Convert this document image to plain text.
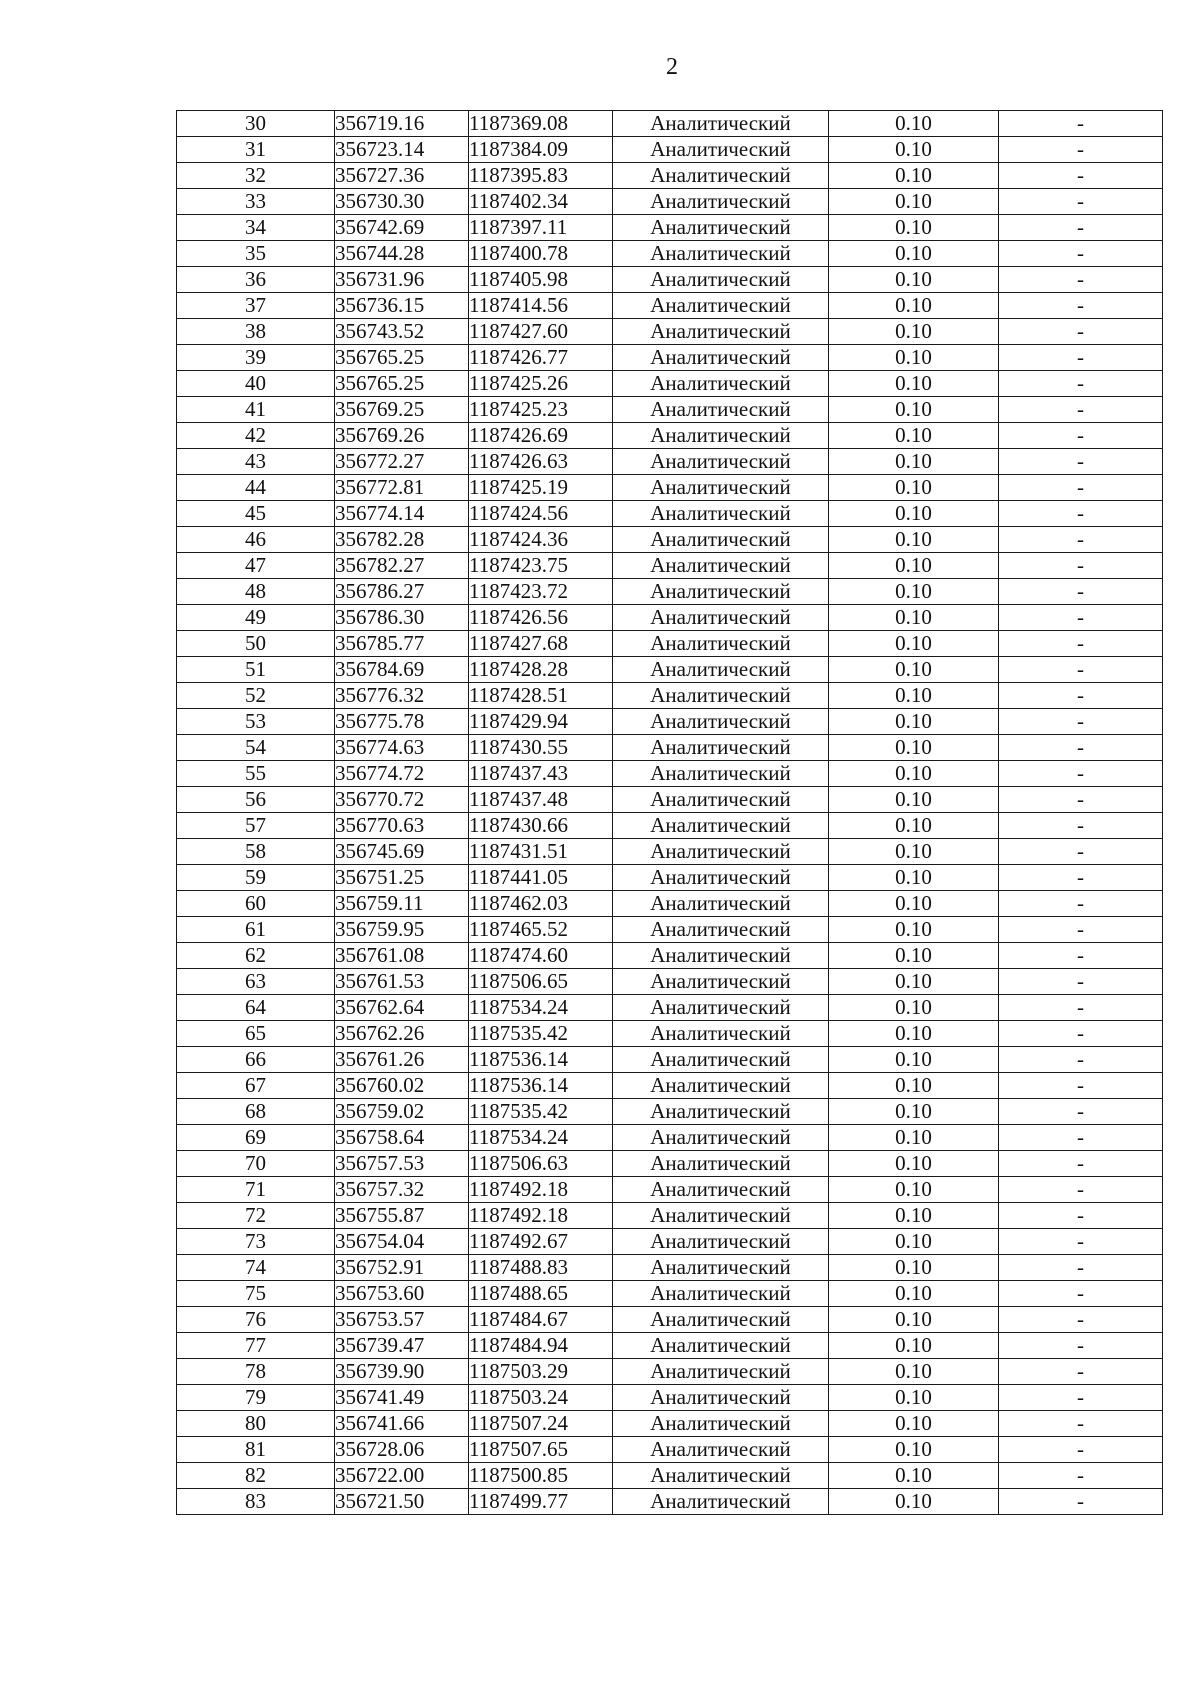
2
30	356719.16	1187369.08	Аналитический	0.10	-
31	356723.14	1187384.09	Аналитический	0.10	-
32	356727.36	1187395.83	Аналитический	0.10	-
33	356730.30	1187402.34	Аналитический	0.10	-
34	356742.69	1187397.11	Аналитический	0.10	-
35	356744.28	1187400.78	Аналитический	0.10	-
36	356731.96	1187405.98	Аналитический	0.10	-
37	356736.15	1187414.56	Аналитический	0.10	-
38	356743.52	1187427.60	Аналитический	0.10	-
39	356765.25	1187426.77	Аналитический	0.10	-
40	356765.25	1187425.26	Аналитический	0.10	-
41	356769.25	1187425.23	Аналитический	0.10	-
42	356769.26	1187426.69	Аналитический	0.10	-
43	356772.27	1187426.63	Аналитический	0.10	-
44	356772.81	1187425.19	Аналитический	0.10	-
45	356774.14	1187424.56	Аналитический	0.10	-
46	356782.28	1187424.36	Аналитический	0.10	-
47	356782.27	1187423.75	Аналитический	0.10	-
48	356786.27	1187423.72	Аналитический	0.10	-
49	356786.30	1187426.56	Аналитический	0.10	-
50	356785.77	1187427.68	Аналитический	0.10	-
51	356784.69	1187428.28	Аналитический	0.10	-
52	356776.32	1187428.51	Аналитический	0.10	-
53	356775.78	1187429.94	Аналитический	0.10	-
54	356774.63	1187430.55	Аналитический	0.10	-
55	356774.72	1187437.43	Аналитический	0.10	-
56	356770.72	1187437.48	Аналитический	0.10	-
57	356770.63	1187430.66	Аналитический	0.10	-
58	356745.69	1187431.51	Аналитический	0.10	-
59	356751.25	1187441.05	Аналитический	0.10	-
60	356759.11	1187462.03	Аналитический	0.10	-
61	356759.95	1187465.52	Аналитический	0.10	-
62	356761.08	1187474.60	Аналитический	0.10	-
63	356761.53	1187506.65	Аналитический	0.10	-
64	356762.64	1187534.24	Аналитический	0.10	-
65	356762.26	1187535.42	Аналитический	0.10	-
66	356761.26	1187536.14	Аналитический	0.10	-
67	356760.02	1187536.14	Аналитический	0.10	-
68	356759.02	1187535.42	Аналитический	0.10	-
69	356758.64	1187534.24	Аналитический	0.10	-
70	356757.53	1187506.63	Аналитический	0.10	-
71	356757.32	1187492.18	Аналитический	0.10	-
72	356755.87	1187492.18	Аналитический	0.10	-
73	356754.04	1187492.67	Аналитический	0.10	-
74	356752.91	1187488.83	Аналитический	0.10	-
75	356753.60	1187488.65	Аналитический	0.10	-
76	356753.57	1187484.67	Аналитический	0.10	-
77	356739.47	1187484.94	Аналитический	0.10	-
78	356739.90	1187503.29	Аналитический	0.10	-
79	356741.49	1187503.24	Аналитический	0.10	-
80	356741.66	1187507.24	Аналитический	0.10	-
81	356728.06	1187507.65	Аналитический	0.10	-
82	356722.00	1187500.85	Аналитический	0.10	-
83	356721.50	1187499.77	Аналитический	0.10	-
